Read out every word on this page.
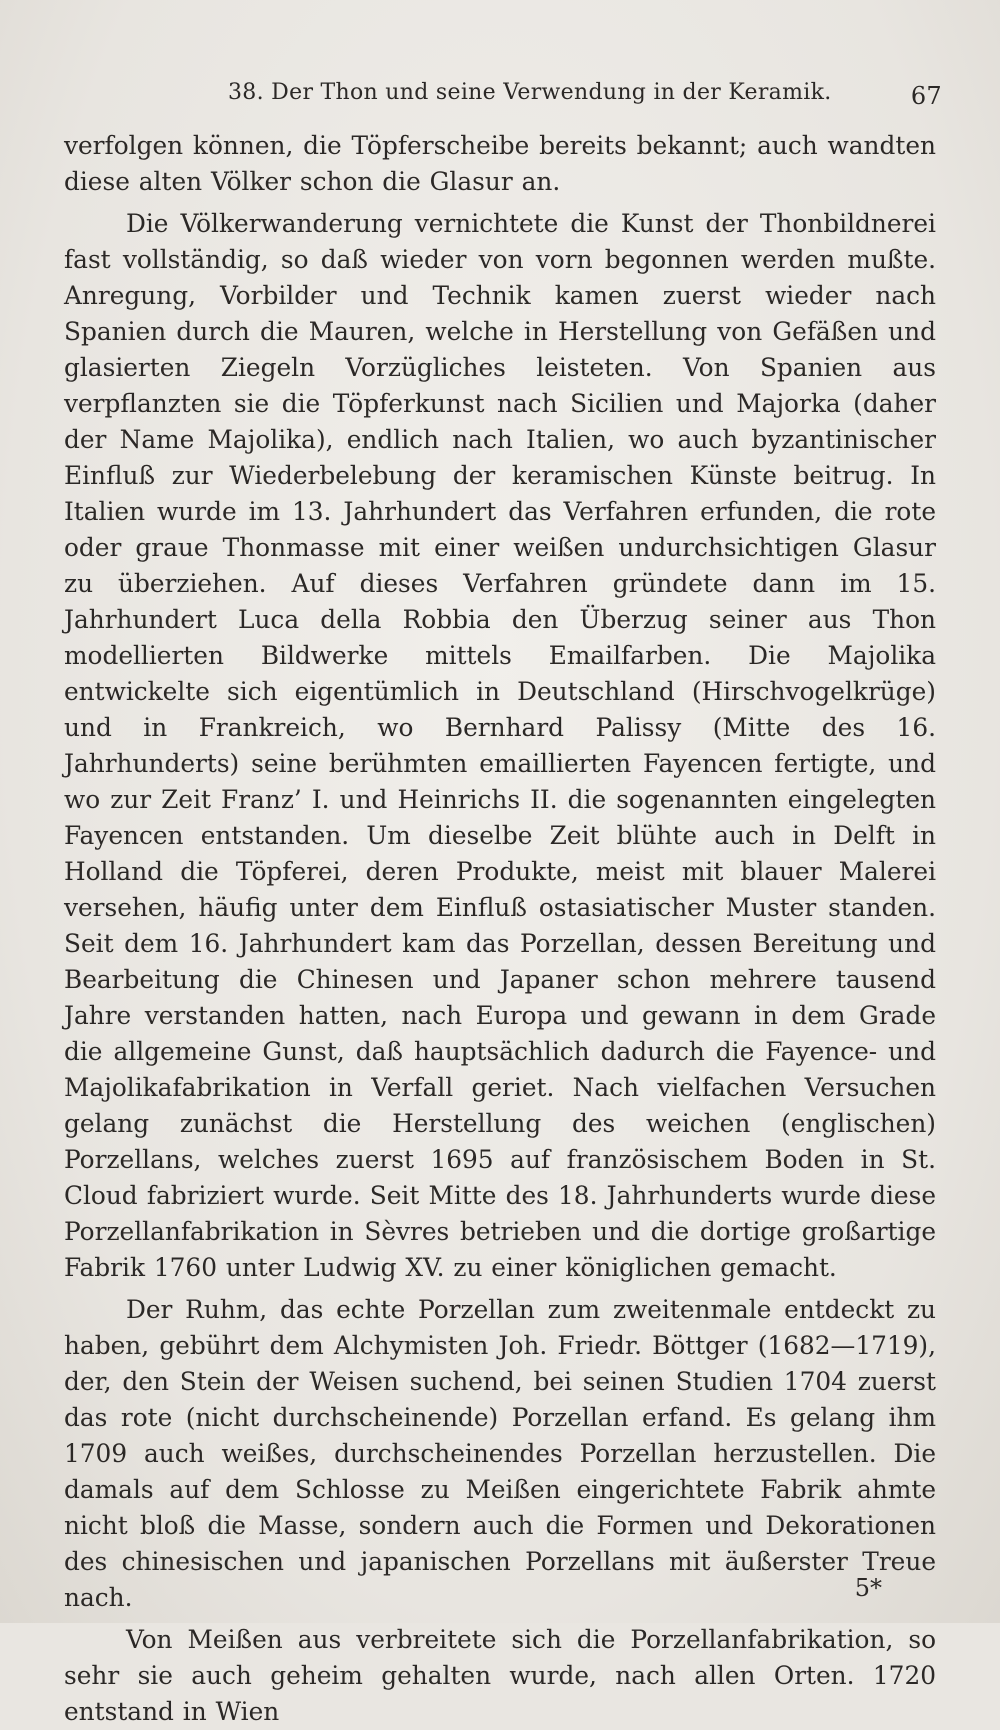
38. Der Thon und seine Verwendung in der Keramik.	67

verfolgen können, die Töpferscheibe bereits bekannt; auch wandten diese alten Völker schon die Glasur an.

Die Völkerwanderung vernichtete die Kunst der Thonbildnerei fast vollständig, so daß wieder von vorn begonnen werden mußte. Anregung, Vorbilder und Technik kamen zuerst wieder nach Spanien durch die Mauren, welche in Herstellung von Gefäßen und glasierten Ziegeln Vorzügliches leisteten. Von Spanien aus verpflanzten sie die Töpferkunst nach Sicilien und Majorka (daher der Name Majolika), endlich nach Italien, wo auch byzantinischer Einfluß zur Wiederbelebung der keramischen Künste beitrug. In Italien wurde im 13. Jahrhundert das Verfahren erfunden, die rote oder graue Thonmasse mit einer weißen undurchsichtigen Glasur zu überziehen. Auf dieses Verfahren gründete dann im 15. Jahrhundert Luca della Robbia den Überzug seiner aus Thon modellierten Bildwerke mittels Emailfarben. Die Majolika entwickelte sich eigentümlich in Deutschland (Hirschvogelkrüge) und in Frankreich, wo Bernhard Palissy (Mitte des 16. Jahrhunderts) seine berühmten emaillierten Fayencen fertigte, und wo zur Zeit Franz’ I. und Heinrichs II. die sogenannten eingelegten Fayencen entstanden. Um dieselbe Zeit blühte auch in Delft in Holland die Töpferei, deren Produkte, meist mit blauer Malerei versehen, häufig unter dem Einfluß ostasiatischer Muster standen. Seit dem 16. Jahrhundert kam das Porzellan, dessen Bereitung und Bearbeitung die Chinesen und Japaner schon mehrere tausend Jahre verstanden hatten, nach Europa und gewann in dem Grade die allgemeine Gunst, daß hauptsächlich dadurch die Fayence- und Majolikafabrikation in Verfall geriet. Nach vielfachen Versuchen gelang zunächst die Herstellung des weichen (englischen) Porzellans, welches zuerst 1695 auf französischem Boden in St. Cloud fabriziert wurde. Seit Mitte des 18. Jahrhunderts wurde diese Porzellanfabrikation in Sèvres betrieben und die dortige großartige Fabrik 1760 unter Ludwig XV. zu einer königlichen gemacht.

Der Ruhm, das echte Porzellan zum zweitenmale entdeckt zu haben, gebührt dem Alchymisten Joh. Friedr. Böttger (1682—1719), der, den Stein der Weisen suchend, bei seinen Studien 1704 zuerst das rote (nicht durchscheinende) Porzellan erfand. Es gelang ihm 1709 auch weißes, durchscheinendes Porzellan herzustellen. Die damals auf dem Schlosse zu Meißen eingerichtete Fabrik ahmte nicht bloß die Masse, sondern auch die Formen und Dekorationen des chinesischen und japanischen Porzellans mit äußerster Treue nach.

Von Meißen aus verbreitete sich die Porzellanfabrikation, so sehr sie auch geheim gehalten wurde, nach allen Orten. 1720 entstand in Wien

5*
